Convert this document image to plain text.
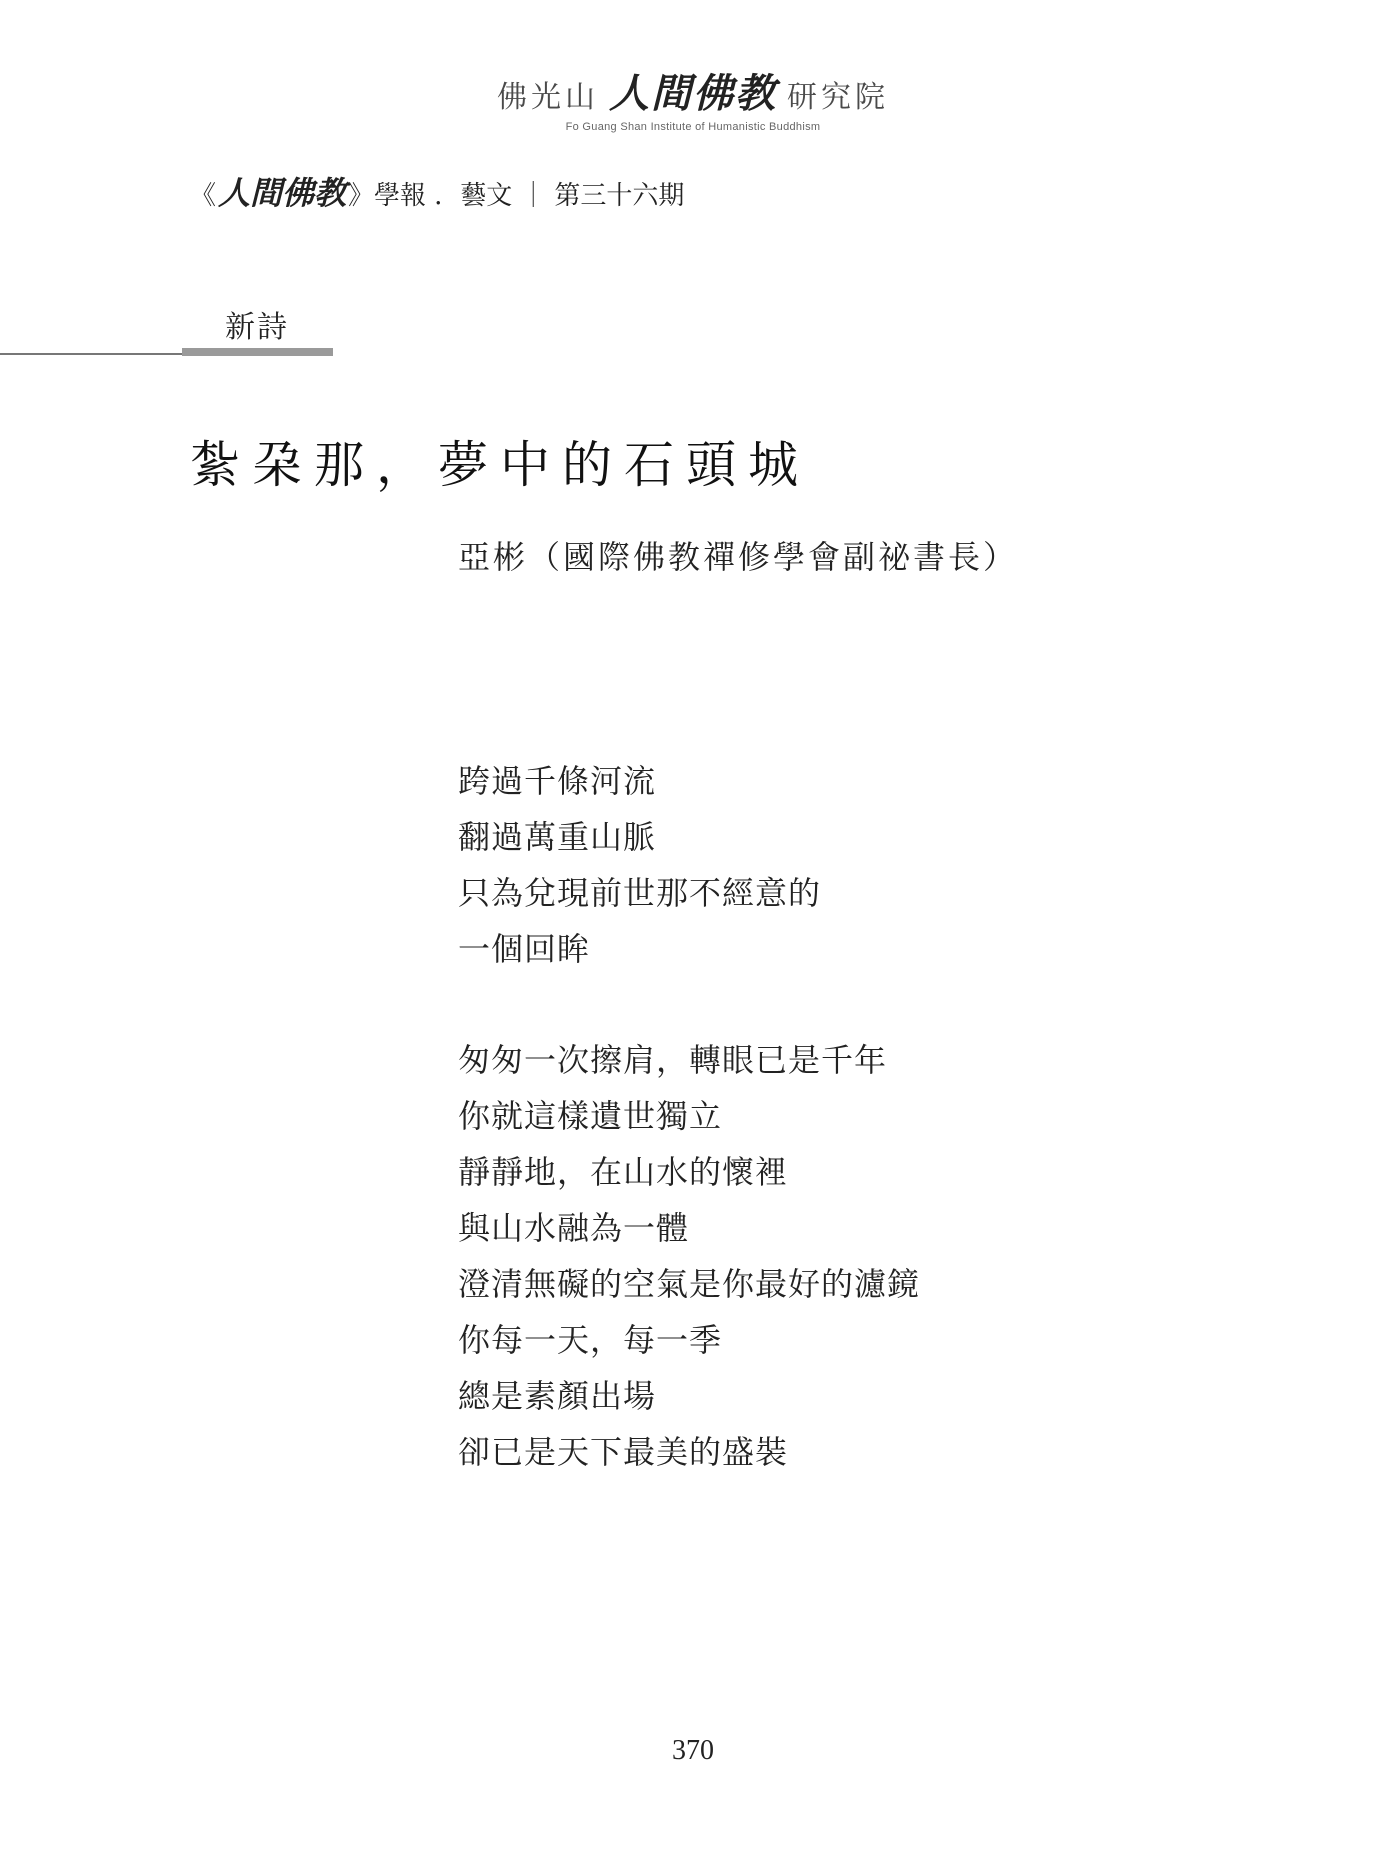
佛光山 人間佛教 研究院
Fo Guang Shan Institute of Humanistic Buddhism
《 人間佛教 》學報 ．藝文 ｜ 第三十六期
新詩
紮朶那，夢中的石頭城
亞彬（國際佛教禪修學會副祕書長）
跨過千條河流
翻過萬重山脈
只為兌現前世那不經意的
一個回眸
匆匆一次擦肩，轉眼已是千年
你就這樣遺世獨立
靜靜地，在山水的懷裡
與山水融為一體
澄清無礙的空氣是你最好的濾鏡
你每一天，每一季
總是素顏出場
卻已是天下最美的盛裝
370
